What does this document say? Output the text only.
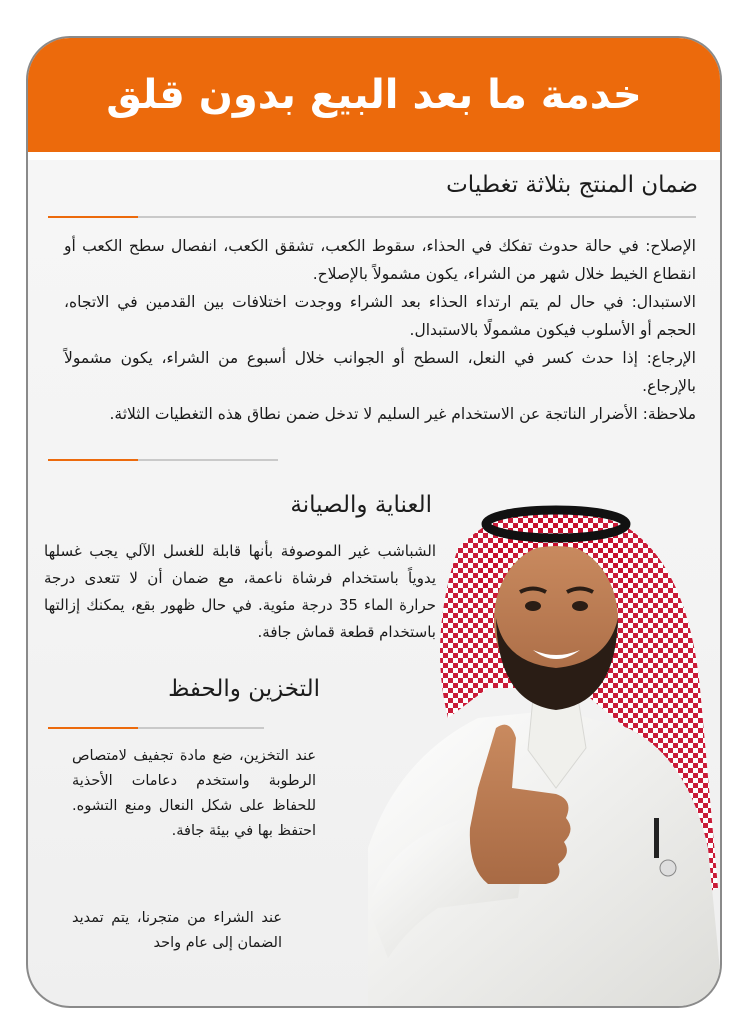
خدمة ما بعد البيع بدون قلق
ضمان المنتج بثلاثة تغطيات

الإصلاح: في حالة حدوث تفكك في الحذاء، سقوط الكعب، تشقق الكعب، انفصال سطح الكعب أو انقطاع الخيط خلال شهر من الشراء، يكون مشمولاً بالإصلاح.

الاستبدال: في حال لم يتم ارتداء الحذاء بعد الشراء ووجدت اختلافات بين القدمين في الاتجاه، الحجم أو الأسلوب فيكون مشمولًا بالاستبدال.

الإرجاع: إذا حدث كسر في النعل، السطح أو الجوانب خلال أسبوع من الشراء، يكون مشمولاً بالإرجاع.

ملاحظة: الأضرار الناتجة عن الاستخدام غير السليم لا تدخل ضمن نطاق هذه التغطيات الثلاثة.

العناية والصيانة
الشباشب غير الموصوفة بأنها قابلة للغسل الآلي يجب غسلها يدوياً باستخدام فرشاة ناعمة، مع ضمان أن لا تتعدى درجة حرارة الماء 35 درجة مئوية. في حال ظهور بقع، يمكنك إزالتها باستخدام قطعة قماش جافة.
التخزين والحفظ
عند التخزين، ضع مادة تجفيف لامتصاص الرطوبة واستخدم دعامات الأحذية للحفاظ على شكل النعال ومنع التشوه. احتفظ بها في بيئة جافة.
عند الشراء من متجرنا، يتم تمديد الضمان إلى عام واحد
